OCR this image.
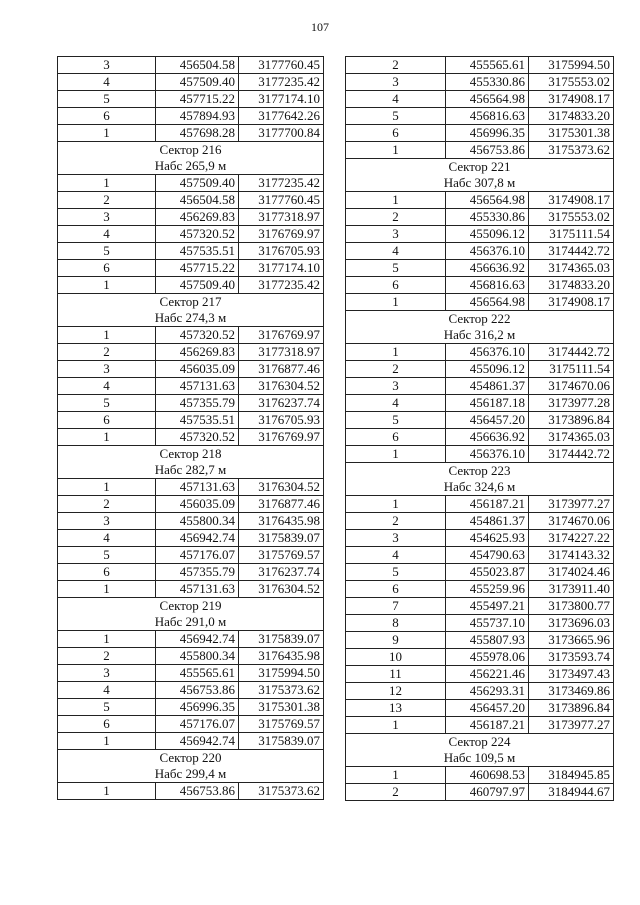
107
3	456504.58	3177760.45
4	457509.40	3177235.42
5	457715.22	3177174.10
6	457894.93	3177642.26
1	457698.28	3177700.84
Сектор 216		
Набс 265,9 м		
1	457509.40	3177235.42
2	456504.58	3177760.45
3	456269.83	3177318.97
4	457320.52	3176769.97
5	457535.51	3176705.93
6	457715.22	3177174.10
1	457509.40	3177235.42
Сектор 217		
Набс 274,3 м		
1	457320.52	3176769.97
2	456269.83	3177318.97
3	456035.09	3176877.46
4	457131.63	3176304.52
5	457355.79	3176237.74
6	457535.51	3176705.93
1	457320.52	3176769.97
Сектор 218		
Набс 282,7 м		
1	457131.63	3176304.52
2	456035.09	3176877.46
3	455800.34	3176435.98
4	456942.74	3175839.07
5	457176.07	3175769.57
6	457355.79	3176237.74
1	457131.63	3176304.52
Сектор 219		
Набс 291,0 м		
1	456942.74	3175839.07
2	455800.34	3176435.98
3	455565.61	3175994.50
4	456753.86	3175373.62
5	456996.35	3175301.38
6	457176.07	3175769.57
1	456942.74	3175839.07
Сектор 220		
Набс 299,4 м		
1	456753.86	3175373.62
2	455565.61	3175994.50
3	455330.86	3175553.02
4	456564.98	3174908.17
5	456816.63	3174833.20
6	456996.35	3175301.38
1	456753.86	3175373.62
Сектор 221		
Набс 307,8 м		
1	456564.98	3174908.17
2	455330.86	3175553.02
3	455096.12	3175111.54
4	456376.10	3174442.72
5	456636.92	3174365.03
6	456816.63	3174833.20
1	456564.98	3174908.17
Сектор 222		
Набс 316,2 м		
1	456376.10	3174442.72
2	455096.12	3175111.54
3	454861.37	3174670.06
4	456187.18	3173977.28
5	456457.20	3173896.84
6	456636.92	3174365.03
1	456376.10	3174442.72
Сектор 223		
Набс 324,6 м		
1	456187.21	3173977.27
2	454861.37	3174670.06
3	454625.93	3174227.22
4	454790.63	3174143.32
5	455023.87	3174024.46
6	455259.96	3173911.40
7	455497.21	3173800.77
8	455737.10	3173696.03
9	455807.93	3173665.96
10	455978.06	3173593.74
11	456221.46	3173497.43
12	456293.31	3173469.86
13	456457.20	3173896.84
1	456187.21	3173977.27
Сектор 224		
Набс 109,5 м		
1	460698.53	3184945.85
2	460797.97	3184944.67
